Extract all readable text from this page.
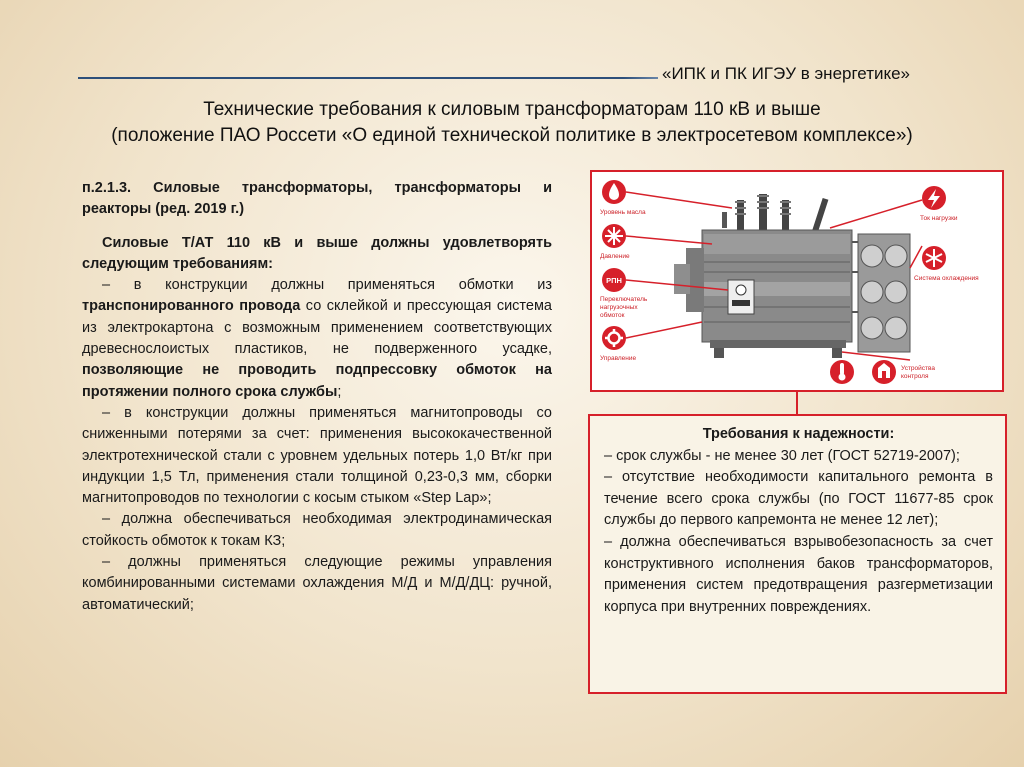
«ИПК и ПК ИГЭУ в энергетике»
Технические требования к силовым трансформаторам 110 кВ и выше
(положение ПАО Россети «О единой технической политике в электросетевом комплексе»)

п.2.1.3. Силовые трансформаторы, трансформаторы и реакторы (ред. 2019 г.)

Силовые Т/АТ 110 кВ и выше должны удовлетворять следующим требованиям:

– в конструкции должны применяться обмотки из транспонированного провода со склейкой и прессующая система из электрокартона с возможным применением соответствующих древеснослоистых пластиков, не подверженного усадке, позволяющие не проводить подпрессовку обмоток на протяжении полного срока службы;

– в конструкции должны применяться магнитопроводы со сниженными потерями за счет: применения высококачественной электротехнической стали с уровнем удельных потерь 1,0 Вт/кг при индукции 1,5 Тл, применения стали толщиной 0,23-0,3 мм, сборки магнитопроводов по технологии с косым стыком «Step Lap»;

– должна обеспечиваться необходимая электродинамическая стойкость обмоток к токам КЗ;

– должны применяться следующие режимы управления комбинированными системами охлаждения М/Д и М/Д/ДЦ: ручной, автоматический;

Уровень масла
Давление
РПН
Переключатель
нагрузочных
обмоток
Управление
Ток нагрузки
Система охлаждения
Устройства
контроля

Требования к надежности:

– срок службы - не менее 30 лет (ГОСТ 52719-2007);

– отсутствие необходимости капитального ремонта в течение всего срока службы (по ГОСТ 11677-85 срок службы до первого капремонта не менее 12 лет);

– должна обеспечиваться взрывобезопасность за счет конструктивного исполнения баков трансформаторов, применения систем предотвращения разгерметизации корпуса при внутренних повреждениях.
